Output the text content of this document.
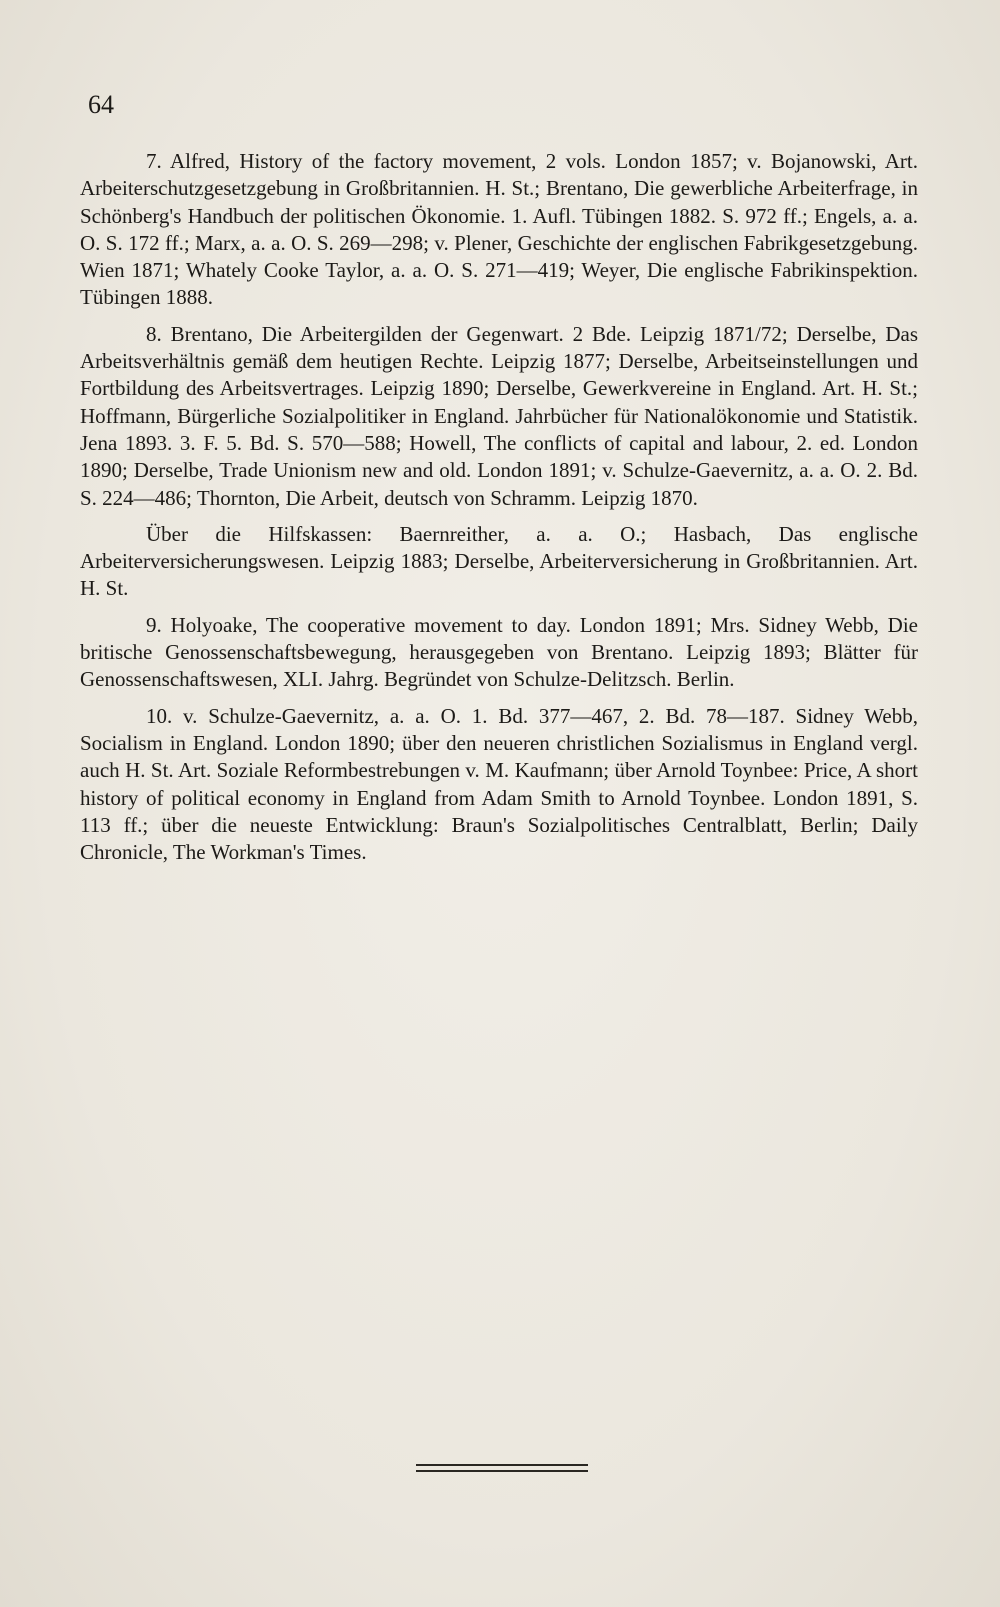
64

7. Alfred, History of the factory movement, 2 vols. London 1857; v. Bojanowski, Art. Arbeiterschutzgesetzgebung in Großbritannien. H. St.; Brentano, Die gewerbliche Arbeiterfrage, in Schönberg's Handbuch der politischen Ökonomie. 1. Aufl. Tübingen 1882. S. 972 ff.; Engels, a. a. O. S. 172 ff.; Marx, a. a. O. S. 269—298; v. Plener, Geschichte der englischen Fabrikgesetzgebung. Wien 1871; Whately Cooke Taylor, a. a. O. S. 271—419; Weyer, Die englische Fabrikinspektion. Tübingen 1888.

8. Brentano, Die Arbeitergilden der Gegenwart. 2 Bde. Leipzig 1871/72; Derselbe, Das Arbeitsverhältnis gemäß dem heutigen Rechte. Leipzig 1877; Derselbe, Arbeitseinstellungen und Fortbildung des Arbeitsvertrages. Leipzig 1890; Derselbe, Gewerkvereine in England. Art. H. St.; Hoffmann, Bürgerliche Sozialpolitiker in England. Jahrbücher für Nationalökonomie und Statistik. Jena 1893. 3. F. 5. Bd. S. 570—588; Howell, The conflicts of capital and labour, 2. ed. London 1890; Derselbe, Trade Unionism new and old. London 1891; v. Schulze-Gaevernitz, a. a. O. 2. Bd. S. 224—486; Thornton, Die Arbeit, deutsch von Schramm. Leipzig 1870.

Über die Hilfskassen: Baernreither, a. a. O.; Hasbach, Das englische Arbeiterversicherungswesen. Leipzig 1883; Derselbe, Arbeiterversicherung in Großbritannien. Art. H. St.

9. Holyoake, The cooperative movement to day. London 1891; Mrs. Sidney Webb, Die britische Genossenschaftsbewegung, herausgegeben von Brentano. Leipzig 1893; Blätter für Genossenschaftswesen, XLI. Jahrg. Begründet von Schulze-Delitzsch. Berlin.

10. v. Schulze-Gaevernitz, a. a. O. 1. Bd. 377—467, 2. Bd. 78—187. Sidney Webb, Socialism in England. London 1890; über den neueren christlichen Sozialismus in England vergl. auch H. St. Art. Soziale Reformbestrebungen v. M. Kaufmann; über Arnold Toynbee: Price, A short history of political economy in England from Adam Smith to Arnold Toynbee. London 1891, S. 113 ff.; über die neueste Entwicklung: Braun's Sozialpolitisches Centralblatt, Berlin; Daily Chronicle, The Workman's Times.
